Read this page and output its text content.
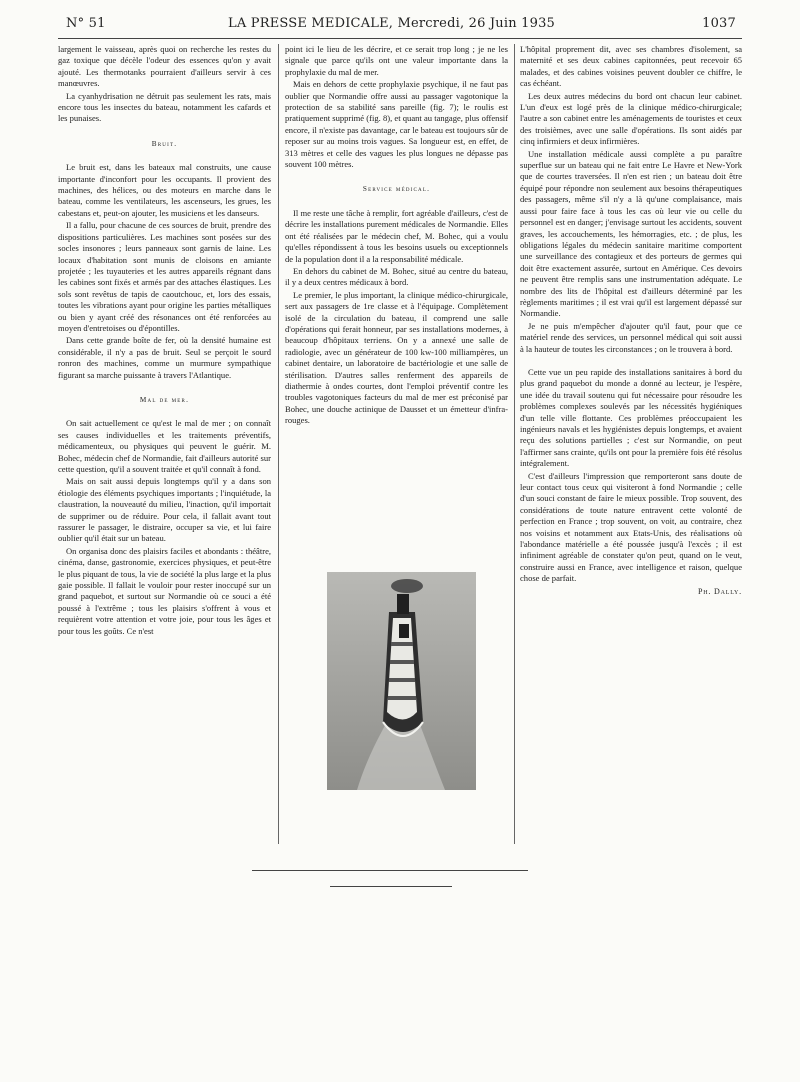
N° 51	LA PRESSE MEDICALE, Mercredi, 26 Juin 1935	1037

largement le vaisseau, après quoi on recherche les restes du gaz toxique que décèle l'odeur des essences qu'on y avait ajouté. Les thermotanks pourraient d'ailleurs servir à ces manœuvres.

La cyanhydrisation ne détruit pas seulement les rats, mais encore tous les insectes du bateau, notamment les cafards et les punaises.

Bruit.

Le bruit est, dans les bateaux mal construits, une cause importante d'inconfort pour les occupants. Il provient des machines, des hélices, ou des moteurs en marche dans le bateau, comme les ventilateurs, les ascenseurs, les grues, les cabestans et, peut-on ajouter, les musiciens et les danseurs.

Il a fallu, pour chacune de ces sources de bruit, prendre des dispositions particulières. Les machines sont posées sur des socles insonores ; leurs panneaux sont garnis de laine. Les locaux d'habitation sont munis de cloisons en amiante projetée ; les tuyauteries et les autres appareils régnant dans les cabines sont fixés et armés par des attaches élastiques. Les sols sont revêtus de tapis de caoutchouc, et, lors des essais, toutes les vibrations ayant pour origine les parties métalliques ou bien y ayant créé des résonances ont été renforcées au moyen d'entretoises ou d'épontilles.

Dans cette grande boîte de fer, où la densité humaine est considérable, il n'y a pas de bruit. Seul se perçoit le sourd ronron des machines, comme un murmure sympathique figurant sa marche puissante à travers l'Atlantique.

Mal de mer.

On sait actuellement ce qu'est le mal de mer ; on connaît ses causes individuelles et les traitements préventifs, médicamenteux, ou physiques qui peuvent le guérir. M. Bohec, médecin chef de Normandie, fait d'ailleurs autorité sur cette question, qu'il a souvent traitée et qu'il connaît à fond.

Mais on sait aussi depuis longtemps qu'il y a dans son étiologie des éléments psychiques importants ; l'inquiétude, la claustration, la nouveauté du milieu, l'inaction, qu'il importait de supprimer ou de réduire. Pour cela, il fallait avant tout rassurer le passager, le distraire, occuper sa vie, et lui faire oublier qu'il était sur un bateau.

On organisa donc des plaisirs faciles et abondants : théâtre, cinéma, danse, gastronomie, exercices physiques, et peut-être le plus piquant de tous, la vie de société la plus large et la plus gaie possible. Il fallait le vouloir pour rester inoccupé sur un grand paquebot, et surtout sur Normandie où ce souci a été poussé à l'extrême ; tous les plaisirs s'offrent à vous et requièrent votre attention et votre joie, pour tous les âges et pour tous les goûts. Ce n'est

point ici le lieu de les décrire, et ce serait trop long ; je ne les signale que parce qu'ils ont une valeur importante dans la prophylaxie du mal de mer.

Mais en dehors de cette prophylaxie psychique, il ne faut pas oublier que Normandie offre aussi au passager vagotonique la protection de sa stabilité sans pareille (fig. 7); le roulis est pratiquement supprimé (fig. 8), et quant au tangage, plus offensif encore, il n'existe pas davantage, car le bateau est toujours sûr de reposer sur au moins trois vagues. Sa longueur est, en effet, de 313 mètres et celle des vagues les plus longues ne dépasse pas souvent 100 mètres.

Service médical.

Il me reste une tâche à remplir, fort agréable d'ailleurs, c'est de décrire les installations purement médicales de Normandie. Elles ont été réalisées par le médecin chef, M. Bohec, qui a voulu qu'elles répondissent à tous les besoins usuels ou exceptionnels de la population dont il a la responsabilité médicale.

En dehors du cabinet de M. Bohec, situé au centre du bateau, il y a deux centres médicaux à bord.

Le premier, le plus important, la clinique médico-chirurgicale, sert aux passagers de 1re classe et à l'équipage. Complètement isolé de la circulation du bateau, il comprend une salle d'opérations qui ferait honneur, par ses installations modernes, à beaucoup d'hôpitaux terriens. On y a annexé une salle de radiologie, avec un générateur de 100 kw-100 milliampères, un cabinet dentaire, un laboratoire de bactériologie et une salle de stérilisation. D'autres salles renferment des appareils de diathermie à ondes courtes, dont l'emploi préventif contre les troubles vagotoniques facteurs du mal de mer est préconisé par Bohec, une douche actinique de Dausset et un émetteur d'infra-rouges.

L'hôpital proprement dit, avec ses chambres d'isolement, sa maternité et ses deux cabines capitonnées, peut recevoir 65 malades, et des cabines voisines peuvent doubler ce chiffre, le cas échéant.

Les deux autres médecins du bord ont chacun leur cabinet. L'un d'eux est logé près de la clinique médico-chirurgicale; l'autre a son cabinet entre les aménagements de touristes et ceux des troisièmes, avec une salle d'opérations. Ils sont aidés par cinq infirmiers et deux infirmières.

Une installation médicale aussi complète a pu paraître superflue sur un bateau qui ne fait entre Le Havre et New-York que de courtes traversées. Il n'en est rien ; un bateau doit être équipé pour répondre non seulement aux besoins thérapeutiques des passagers, même s'il n'y a là qu'une complaisance, mais aussi pour faire face à tous les cas où leur vie ou celle du personnel est en danger; j'envisage surtout les accidents, souvent graves, les accouchements, les hémorragies, etc. ; de plus, les obligations légales du médecin sanitaire maritime comportent une surveillance des contagieux et des porteurs de germes qui doit être exactement assurée, surtout en Amérique. Ces devoirs ne peuvent être remplis sans une instrumentation adéquate. Le nombre des lits de l'hôpital est d'ailleurs déterminé par les règlements maritimes ; il est vrai qu'il est largement dépassé sur Normandie.

Je ne puis m'empêcher d'ajouter qu'il faut, pour que ce matériel rende des services, un personnel médical qui soit aussi à la hauteur de toutes les circonstances ; on le trouvera à bord.

Cette vue un peu rapide des installations sanitaires à bord du plus grand paquebot du monde a donné au lecteur, je l'espère, une idée du travail soutenu qui fut nécessaire pour résoudre les problèmes complexes soulevés par les nécessités hygiéniques d'un telle ville flottante. Ces problèmes préoccupaient les ingénieurs navals et les hygiénistes depuis longtemps, et avaient reçu des solutions partielles ; c'est sur Normandie, on peut l'affirmer sans crainte, qu'ils ont pour la première fois été résolus intégralement.

C'est d'ailleurs l'impression que remporteront sans doute de leur contact tous ceux qui visiteront à fond Normandie ; celle d'un souci constant de faire le mieux possible. Trop souvent, des considérations de toute nature entravent cette volonté de perfection en France ; trop souvent, on voit, au contraire, chez nos voisins et notamment aux Etats-Unis, des réalisations où l'abondance matérielle a été poussée jusqu'à l'excès ; il est infiniment agréable de constater qu'on peut, quand on le veut, construire aussi en France, avec intelligence et raison, quelque chose de parfait.

Ph. Dally.
